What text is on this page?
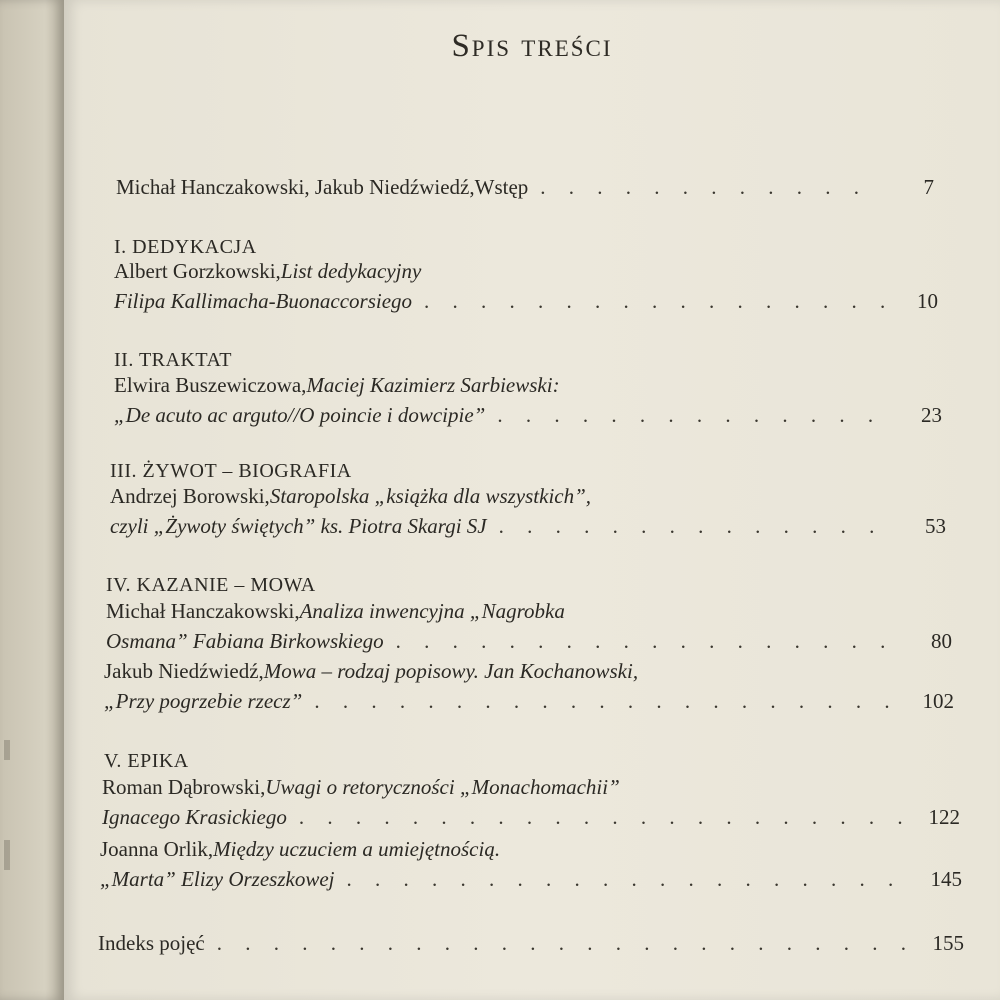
Spis treści
Michał Hanczakowski, Jakub Niedźwiedź, Wstęp . . .	7
I. DEDYKACJA
Albert Gorzkowski, List dedykacyjny
Filipa Kallimacha-Buonaccorsiego . . .	10
II. TRAKTAT
Elwira Buszewiczowa, Maciej Kazimierz Sarbiewski:
„De acuto ac arguto//O poincie i dowcipie” . . .	23
III. ŻYWOT – BIOGRAFIA
Andrzej Borowski, Staropolska „książka dla wszystkich”,
czyli „Żywoty świętych” ks. Piotra Skargi SJ . . .	53
IV. KAZANIE – MOWA
Michał Hanczakowski, Analiza inwencyjna „Nagrobka
Osmana” Fabiana Birkowskiego . . .	80
Jakub Niedźwiedź, Mowa – rodzaj popisowy. Jan Kochanowski,
„Przy pogrzebie rzecz” . . .	102
V. EPIKA
Roman Dąbrowski, Uwagi o retoryczności „Monachomachii”
Ignacego Krasickiego . . .	122
Joanna Orlik, Między uczuciem a umiejętnością.
„Marta” Elizy Orzeszkowej . . .	145
Indeks pojęć . . .	155
